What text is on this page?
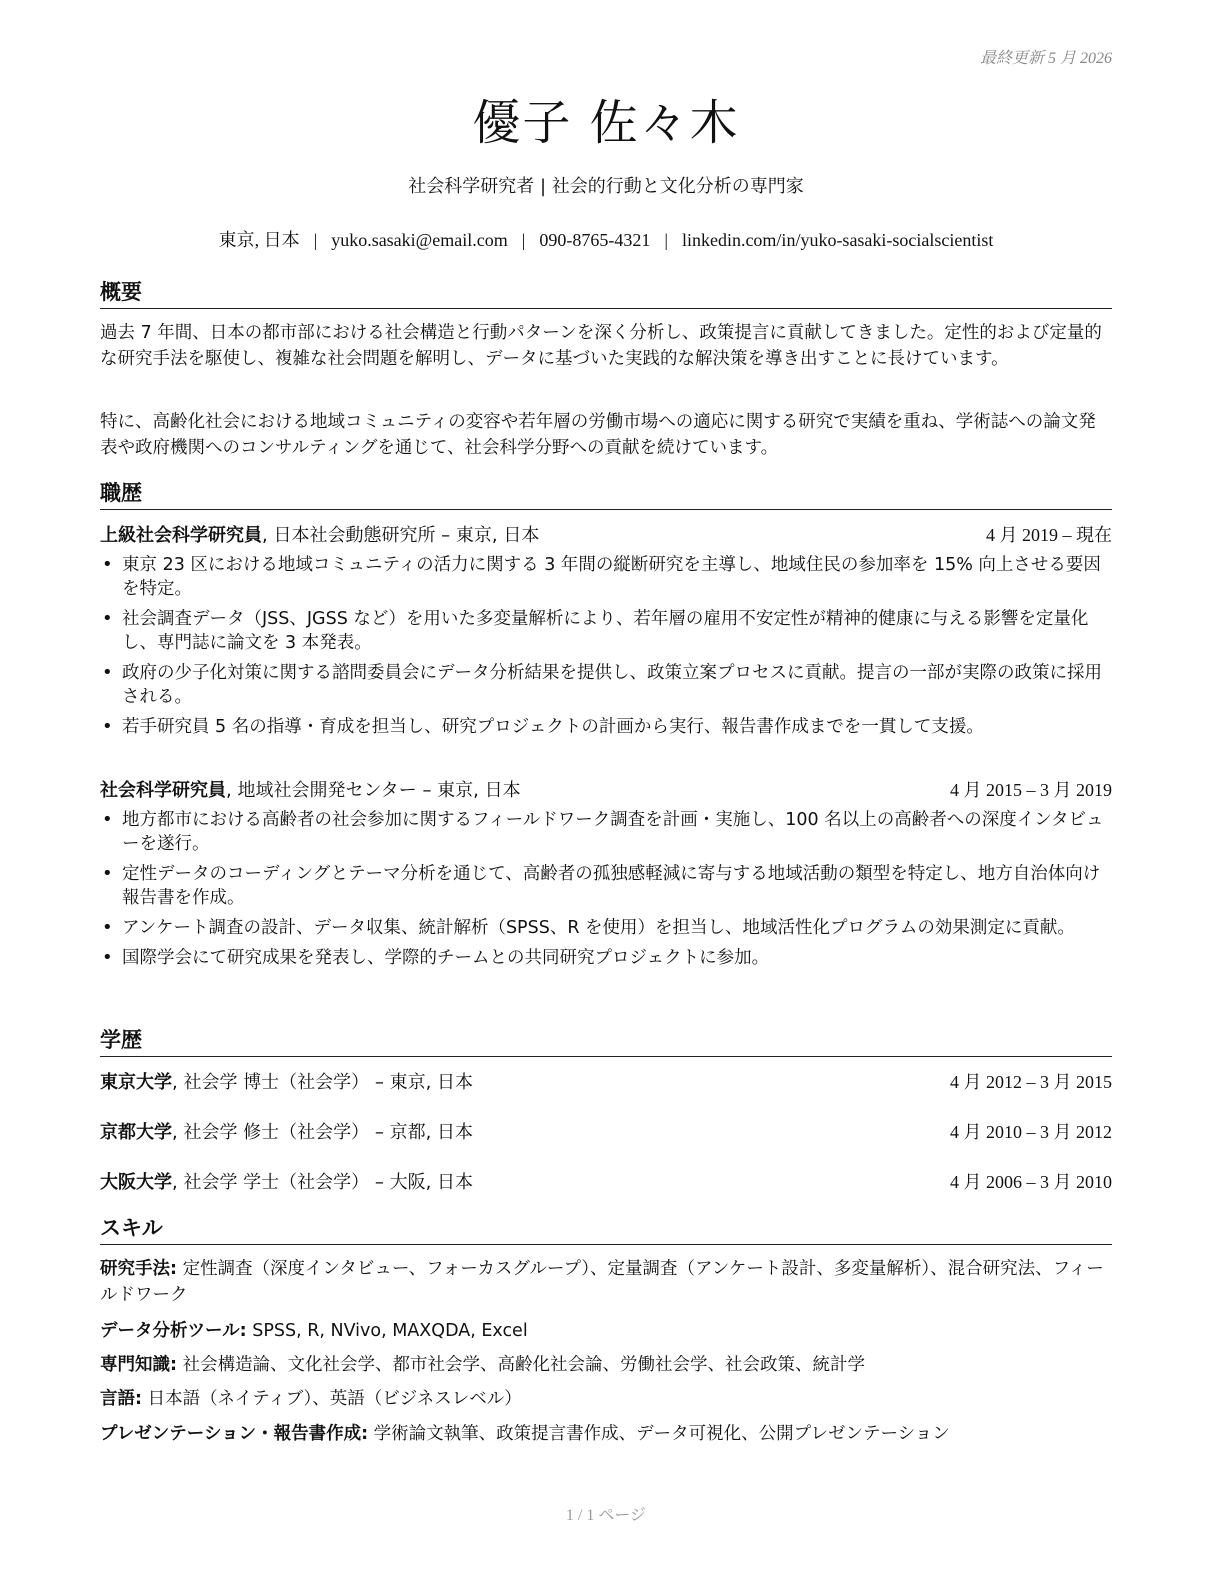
最終更新 5 月 2026
優子 佐々木
社会科学研究者 | 社会的行動と文化分析の専門家
東京, 日本 | yuko.sasaki@email.com | 090-8765-4321 | linkedin.com/in/yuko-sasaki-socialscientist
概要
過去 7 年間、日本の都市部における社会構造と行動パターンを深く分析し、政策提言に貢献してきました。定性的および定量的な研究手法を駆使し、複雑な社会問題を解明し、データに基づいた実践的な解決策を導き出すことに長けています。
特に、高齢化社会における地域コミュニティの変容や若年層の労働市場への適応に関する研究で実績を重ね、学術誌への論文発表や政府機関へのコンサルティングを通じて、社会科学分野への貢献を続けています。
職歴
上級社会科学研究員, 日本社会動態研究所 – 東京, 日本	4 月 2019 – 現在
• 東京 23 区における地域コミュニティの活力に関する 3 年間の縦断研究を主導し、地域住民の参加率を 15% 向上させる要因を特定。
• 社会調査データ（JSS、JGSS など）を用いた多変量解析により、若年層の雇用不安定性が精神的健康に与える影響を定量化し、専門誌に論文を 3 本発表。
• 政府の少子化対策に関する諮問委員会にデータ分析結果を提供し、政策立案プロセスに貢献。提言の一部が実際の政策に採用される。
• 若手研究員 5 名の指導・育成を担当し、研究プロジェクトの計画から実行、報告書作成までを一貫して支援。
社会科学研究員, 地域社会開発センター – 東京, 日本	4 月 2015 – 3 月 2019
• 地方都市における高齢者の社会参加に関するフィールドワーク調査を計画・実施し、100 名以上の高齢者への深度インタビューを遂行。
• 定性データのコーディングとテーマ分析を通じて、高齢者の孤独感軽減に寄与する地域活動の類型を特定し、地方自治体向け報告書を作成。
• アンケート調査の設計、データ収集、統計解析（SPSS、R を使用）を担当し、地域活性化プログラムの効果測定に貢献。
• 国際学会にて研究成果を発表し、学際的チームとの共同研究プロジェクトに参加。
学歴
東京大学, 社会学 博士（社会学） – 東京, 日本	4 月 2012 – 3 月 2015
京都大学, 社会学 修士（社会学） – 京都, 日本	4 月 2010 – 3 月 2012
大阪大学, 社会学 学士（社会学） – 大阪, 日本	4 月 2006 – 3 月 2010
スキル
研究手法: 定性調査（深度インタビュー、フォーカスグループ）、定量調査（アンケート設計、多変量解析）、混合研究法、フィールドワーク
データ分析ツール: SPSS, R, NVivo, MAXQDA, Excel
専門知識: 社会構造論、文化社会学、都市社会学、高齢化社会論、労働社会学、社会政策、統計学
言語: 日本語（ネイティブ）、英語（ビジネスレベル）
プレゼンテーション・報告書作成: 学術論文執筆、政策提言書作成、データ可視化、公開プレゼンテーション
1 / 1 ページ
